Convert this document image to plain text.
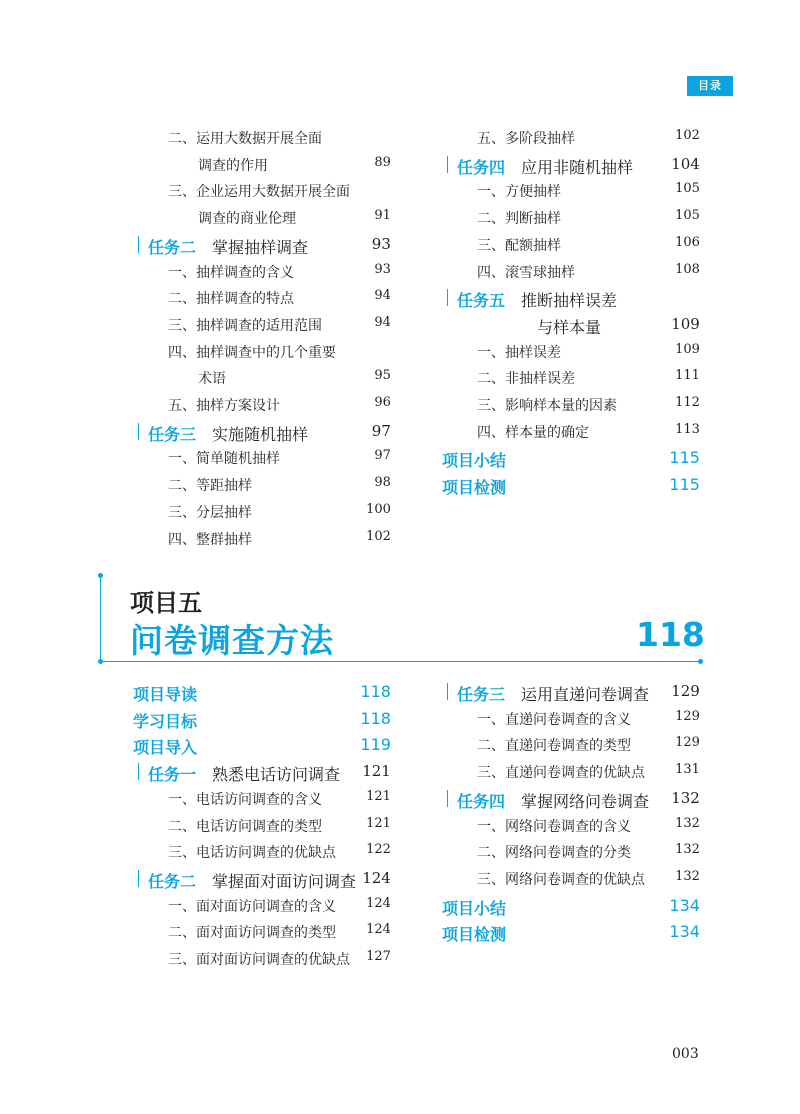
目录
二、运用大数据开展全面
调查的作用	89
三、企业运用大数据开展全面
调查的商业伦理	91
任务二  掌握抽样调查	93
一、抽样调查的含义	93
二、抽样调查的特点	94
三、抽样调查的适用范围	94
四、抽样调查中的几个重要
术语	95
五、抽样方案设计	96
任务三  实施随机抽样	97
一、简单随机抽样	97
二、等距抽样	98
三、分层抽样	100
四、整群抽样	102
五、多阶段抽样	102
任务四  应用非随机抽样	104
一、方便抽样	105
二、判断抽样	105
三、配额抽样	106
四、滚雪球抽样	108
任务五  推断抽样误差
与样本量	109
一、抽样误差	109
二、非抽样误差	111
三、影响样本量的因素	112
四、样本量的确定	113
项目小结	115
项目检测	115
项目五
问卷调查方法	118
项目导读	118
学习目标	118
项目导入	119
任务一  熟悉电话访问调查 121
一、电话访问调查的含义	121
二、电话访问调查的类型	121
三、电话访问调查的优缺点 122
任务二  掌握面对面访问调查 124
一、面对面访问调查的含义 124
二、面对面访问调查的类型 124
三、面对面访问调查的优缺点 127
任务三  运用直递问卷调查 129
一、直递问卷调查的含义	129
二、直递问卷调查的类型	129
三、直递问卷调查的优缺点 131
任务四  掌握网络问卷调查 132
一、网络问卷调查的含义	132
二、网络问卷调查的分类	132
三、网络问卷调查的优缺点 132
项目小结	134
项目检测	134
003
